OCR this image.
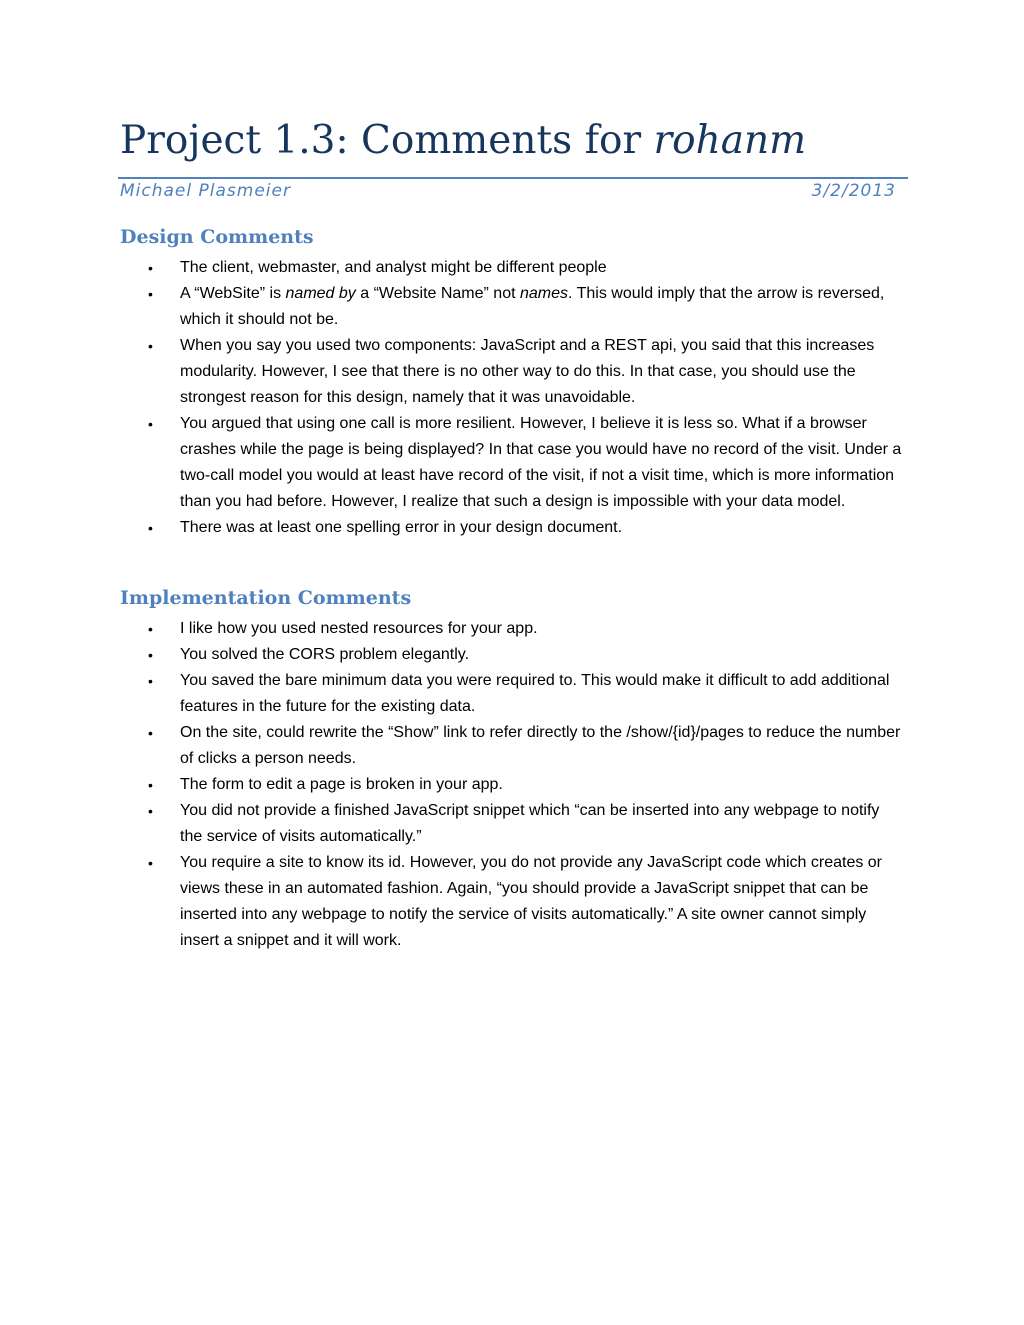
Project 1.3: Comments for rohanm
Michael Plasmeier	3/2/2013
Design Comments
• The client, webmaster, and analyst might be different people
• A “WebSite” is named by a “Website Name” not names. This would imply that the arrow is reversed, which it should not be.
• When you say you used two components: JavaScript and a REST api, you said that this increases modularity. However, I see that there is no other way to do this. In that case, you should use the strongest reason for this design, namely that it was unavoidable.
• You argued that using one call is more resilient. However, I believe it is less so. What if a browser crashes while the page is being displayed? In that case you would have no record of the visit. Under a two-call model you would at least have record of the visit, if not a visit time, which is more information than you had before. However, I realize that such a design is impossible with your data model.
• There was at least one spelling error in your design document.
Implementation Comments
• I like how you used nested resources for your app.
• You solved the CORS problem elegantly.
• You saved the bare minimum data you were required to. This would make it difficult to add additional features in the future for the existing data.
• On the site, could rewrite the “Show” link to refer directly to the /show/{id}/pages to reduce the number of clicks a person needs.
• The form to edit a page is broken in your app.
• You did not provide a finished JavaScript snippet which “can be inserted into any webpage to notify the service of visits automatically.”
• You require a site to know its id. However, you do not provide any JavaScript code which creates or views these in an automated fashion. Again, “you should provide a JavaScript snippet that can be inserted into any webpage to notify the service of visits automatically.” A site owner cannot simply insert a snippet and it will work.
